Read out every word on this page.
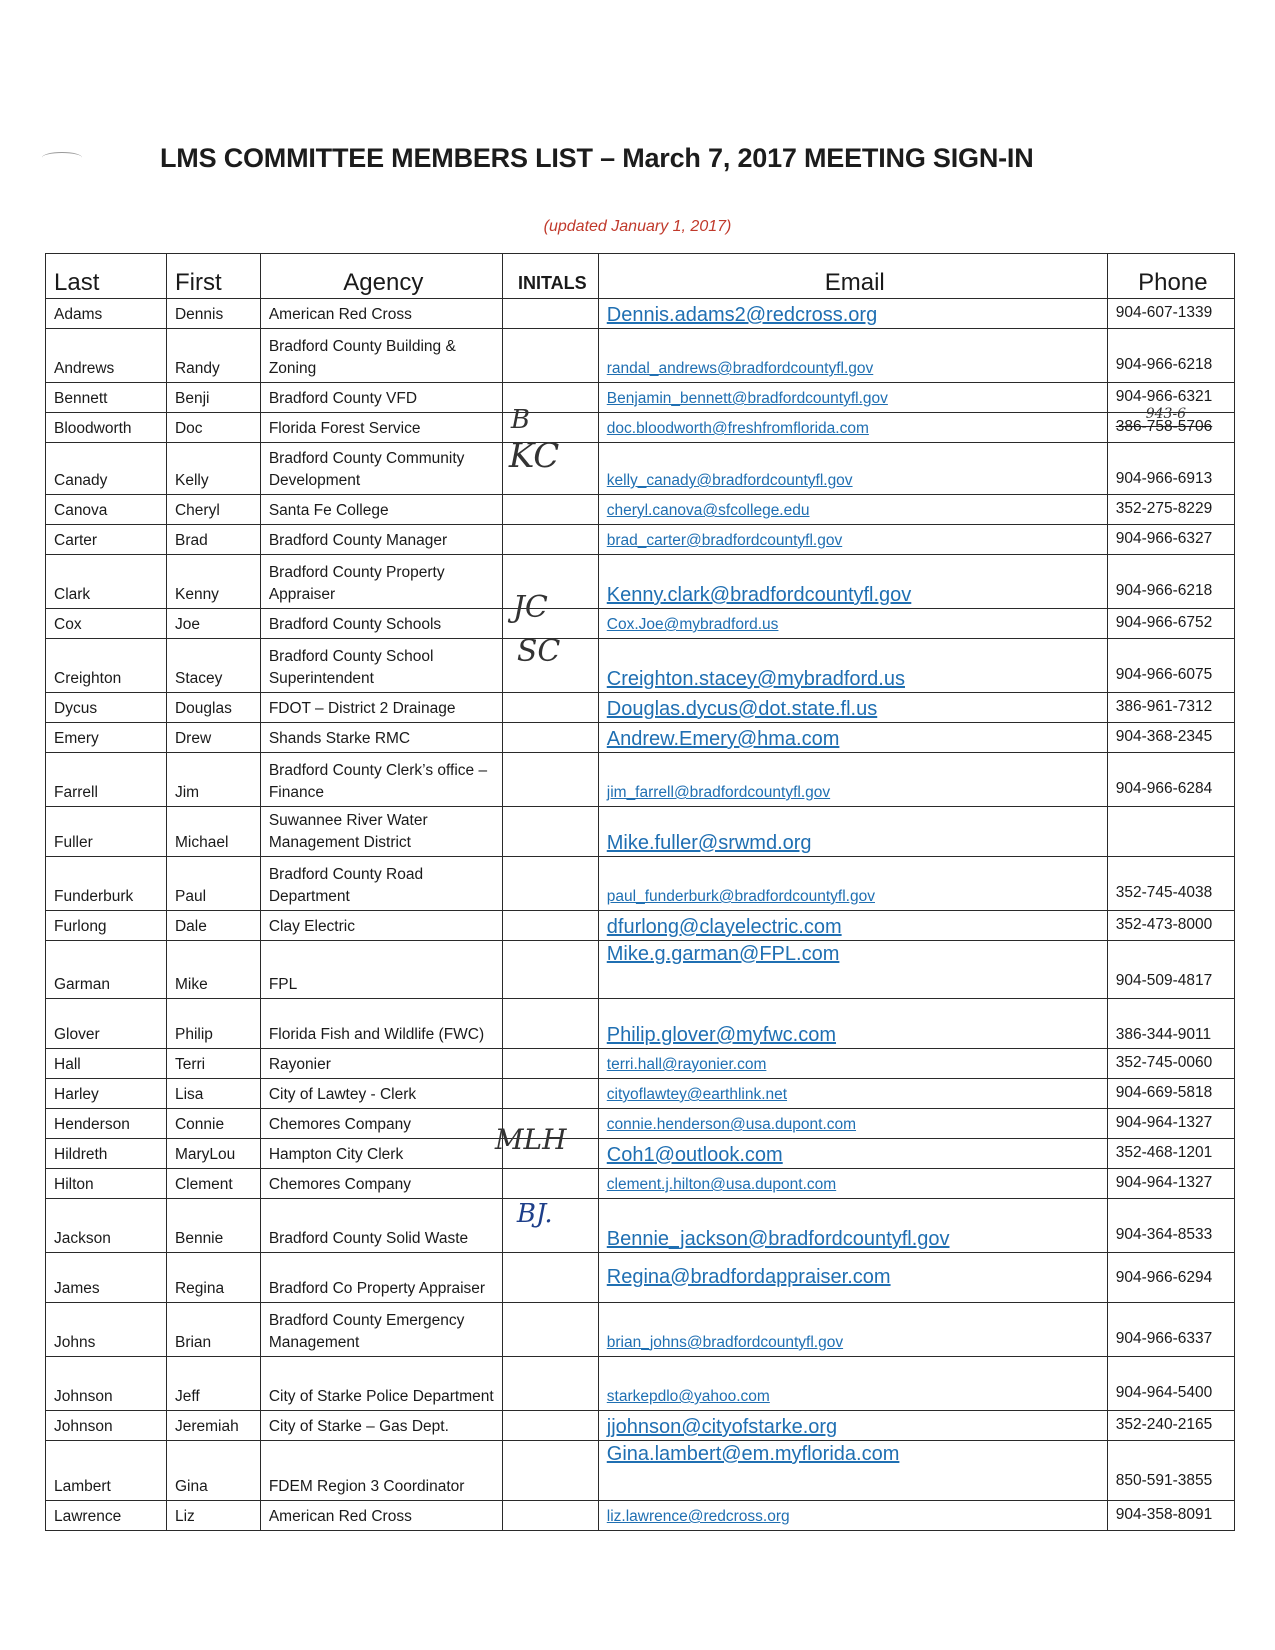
LMS COMMITTEE MEMBERS LIST – March 7, 2017 MEETING SIGN-IN
(updated January 1, 2017)
Last	First	Agency	INITALS	Email	Phone
Adams	Dennis	American Red Cross		Dennis.adams2@redcross.org	904-607-1339
Andrews	Randy	Bradford County Building & Zoning		randal_andrews@bradfordcountyfl.gov	904-966-6218
Bennett	Benji	Bradford County VFD		Benjamin_bennett@bradfordcountyfl.gov	904-966-6321
Bloodworth	Doc	Florida Forest Service	B	doc.bloodworth@freshfromflorida.com	386-758-5706
943-6

Canady	Kelly	Bradford County Community Development	KC	kelly_canady@bradfordcountyfl.gov	904-966-6913
Canova	Cheryl	Santa Fe College		cheryl.canova@sfcollege.edu	352-275-8229
Carter	Brad	Bradford County Manager		brad_carter@bradfordcountyfl.gov	904-966-6327
Clark	Kenny	Bradford County Property Appraiser		Kenny.clark@bradfordcountyfl.gov	904-966-6218
Cox	Joe	Bradford County Schools	JC	Cox.Joe@mybradford.us	904-966-6752
Creighton	Stacey	Bradford County School Superintendent	SC	Creighton.stacey@mybradford.us	904-966-6075
Dycus	Douglas	FDOT – District 2 Drainage		Douglas.dycus@dot.state.fl.us	386-961-7312
Emery	Drew	Shands Starke RMC		Andrew.Emery@hma.com	904-368-2345
Farrell	Jim	Bradford County Clerk’s office – Finance		jim_farrell@bradfordcountyfl.gov	904-966-6284
Fuller	Michael	Suwannee River Water Management District		Mike.fuller@srwmd.org	
Funderburk	Paul	Bradford County Road Department		paul_funderburk@bradfordcountyfl.gov	352-745-4038
Furlong	Dale	Clay Electric		dfurlong@clayelectric.com	352-473-8000
Garman	Mike	FPL		Mike.g.garman@FPL.com	904-509-4817
Glover	Philip	Florida Fish and Wildlife (FWC)		Philip.glover@myfwc.com	386-344-9011
Hall	Terri	Rayonier		terri.hall@rayonier.com	352-745-0060
Harley	Lisa	City of Lawtey - Clerk		cityoflawtey@earthlink.net	904-669-5818
Henderson	Connie	Chemores Company		connie.henderson@usa.dupont.com	904-964-1327
Hildreth	MaryLou	Hampton City Clerk	MLH	Coh1@outlook.com	352-468-1201
Hilton	Clement	Chemores Company		clement.j.hilton@usa.dupont.com	904-964-1327
Jackson	Bennie	Bradford County Solid Waste	BJ.	Bennie_jackson@bradfordcountyfl.gov	904-364-8533
James	Regina	Bradford Co Property Appraiser		Regina@bradfordappraiser.com	904-966-6294
Johns	Brian	Bradford County Emergency Management		brian_johns@bradfordcountyfl.gov	904-966-6337
Johnson	Jeff	City of Starke Police Department		starkepdlo@yahoo.com	904-964-5400
Johnson	Jeremiah	City of Starke – Gas Dept.		jjohnson@cityofstarke.org	352-240-2165
Lambert	Gina	FDEM Region 3 Coordinator		Gina.lambert@em.myflorida.com	850-591-3855
Lawrence	Liz	American Red Cross		liz.lawrence@redcross.org	904-358-8091
